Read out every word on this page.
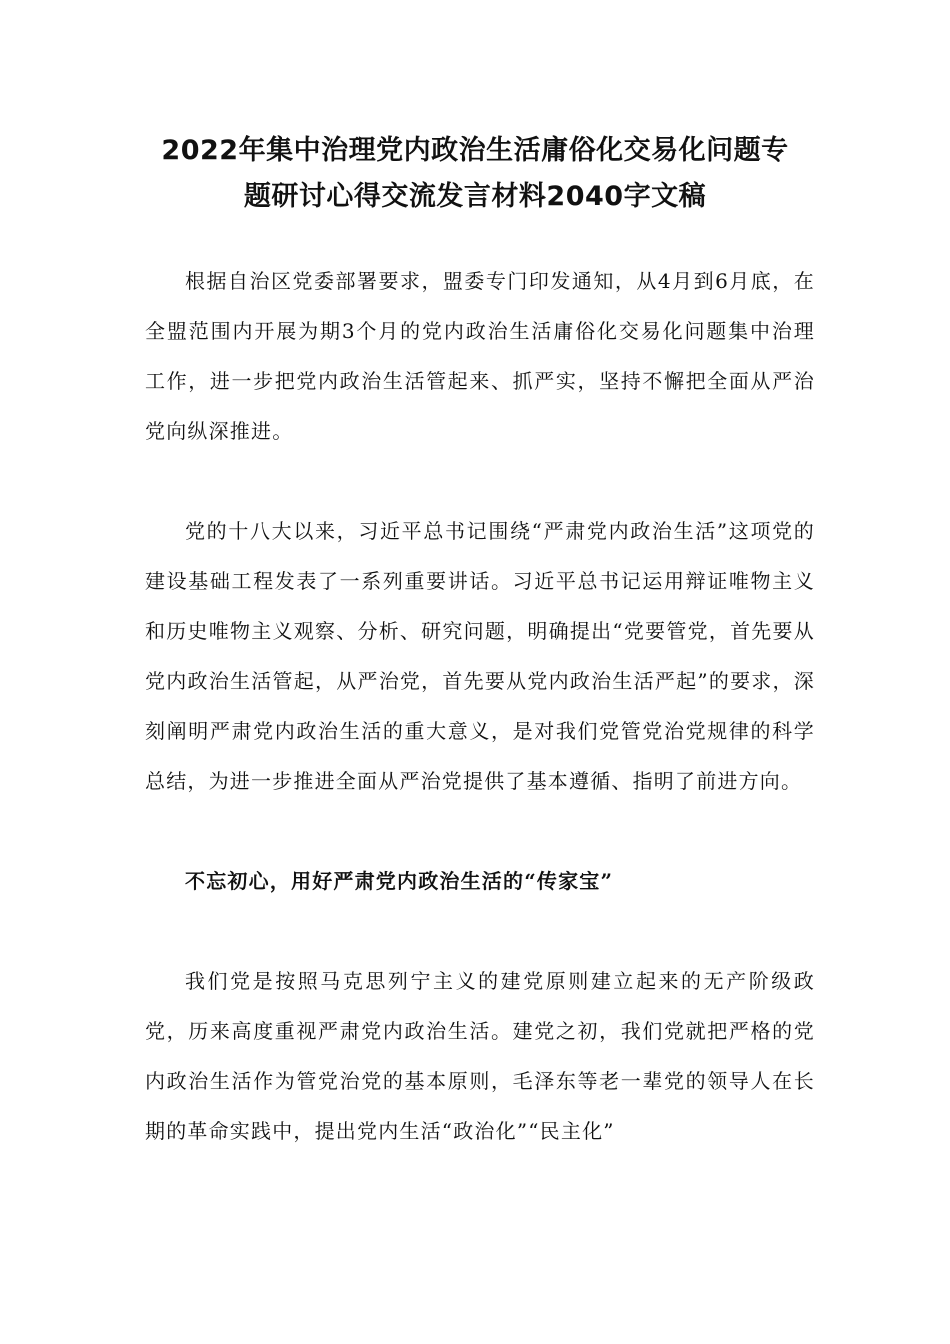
2022年集中治理党内政治生活庸俗化交易化问题专
题研讨心得交流发言材料2040字文稿

根据自治区党委部署要求，盟委专门印发通知，从4月到6月底，在全盟范围内开展为期3个月的党内政治生活庸俗化交易化问题集中治理工作，进一步把党内政治生活管起来、抓严实，坚持不懈把全面从严治党向纵深推进。

党的十八大以来，习近平总书记围绕“严肃党内政治生活”这项党的建设基础工程发表了一系列重要讲话。习近平总书记运用辩证唯物主义和历史唯物主义观察、分析、研究问题，明确提出“党要管党，首先要从党内政治生活管起，从严治党，首先要从党内政治生活严起”的要求，深刻阐明严肃党内政治生活的重大意义，是对我们党管党治党规律的科学总结，为进一步推进全面从严治党提供了基本遵循、指明了前进方向。

不忘初心，用好严肃党内政治生活的“传家宝”

我们党是按照马克思列宁主义的建党原则建立起来的无产阶级政党，历来高度重视严肃党内政治生活。建党之初，我们党就把严格的党内政治生活作为管党治党的基本原则，毛泽东等老一辈党的领导人在长期的革命实践中，提出党内生活“政治化”“民主化”
